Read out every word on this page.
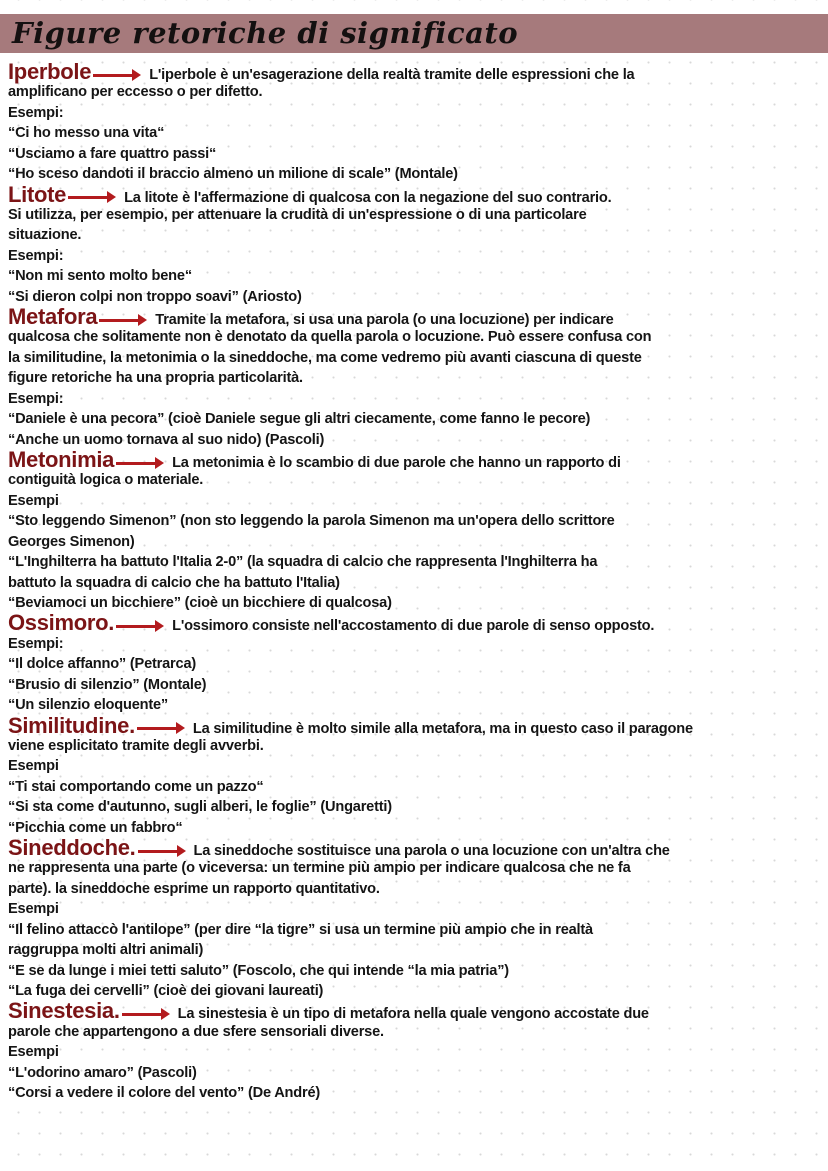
Figure retoriche di significato
Iperbole	L'iperbole è un'esagerazione della realtà tramite delle espressioni che la
amplificano per eccesso o per difetto.
Esempi:
“Ci ho messo una vita“
“Usciamo a fare quattro passi“
“Ho sceso dandoti il braccio almeno un milione di scale” (Montale)
Litote	La litote è l'affermazione di qualcosa con la negazione del suo contrario.
Si utilizza, per esempio, per attenuare la crudità di un'espressione o di una particolare
situazione.
Esempi:
“Non mi sento molto bene“
“Si dieron colpi non troppo soavi” (Ariosto)
Metafora	Tramite la metafora, si usa una parola (o una locuzione) per indicare
qualcosa che solitamente non è denotato da quella parola o locuzione. Può essere confusa con
la similitudine, la metonimia o la sineddoche, ma come vedremo più avanti ciascuna di queste
figure retoriche ha una propria particolarità.
Esempi:
“Daniele è una pecora” (cioè Daniele segue gli altri ciecamente, come fanno le pecore)
“Anche un uomo tornava al suo nido) (Pascoli)
Metonimia	La metonimia è lo scambio di due parole che hanno un rapporto di
contiguità logica o materiale.
Esempi
“Sto leggendo Simenon” (non sto leggendo la parola Simenon ma un'opera dello scrittore
Georges Simenon)
“L'Inghilterra ha battuto l'Italia 2-0” (la squadra di calcio che rappresenta l'Inghilterra ha
battuto la squadra di calcio che ha battuto l'Italia)
“Beviamoci un bicchiere” (cioè un bicchiere di qualcosa)
Ossimoro.	L'ossimoro consiste nell'accostamento di due parole di senso opposto.
Esempi:
“Il dolce affanno” (Petrarca)
“Brusio di silenzio” (Montale)
“Un silenzio eloquente”
Similitudine.	La similitudine è molto simile alla metafora, ma in questo caso il paragone
viene esplicitato tramite degli avverbi.
Esempi
“Ti stai comportando come un pazzo“
“Si sta come d'autunno, sugli alberi, le foglie” (Ungaretti)
“Picchia come un fabbro“
Sineddoche.	La sineddoche sostituisce una parola o una locuzione con un'altra che
ne rappresenta una parte (o viceversa: un termine più ampio per indicare qualcosa che ne fa
parte). la sineddoche esprime un rapporto quantitativo.
Esempi
“Il felino attaccò l'antilope” (per dire “la tigre” si usa un termine più ampio che in realtà
raggruppa molti altri animali)
“E se da lunge i miei tetti saluto” (Foscolo, che qui intende “la mia patria”)
“La fuga dei cervelli” (cioè dei giovani laureati)
Sinestesia.	La sinestesia è un tipo di metafora nella quale vengono accostate due
parole che appartengono a due sfere sensoriali diverse.
Esempi
“L'odorino amaro” (Pascoli)
“Corsi a vedere il colore del vento” (De André)
